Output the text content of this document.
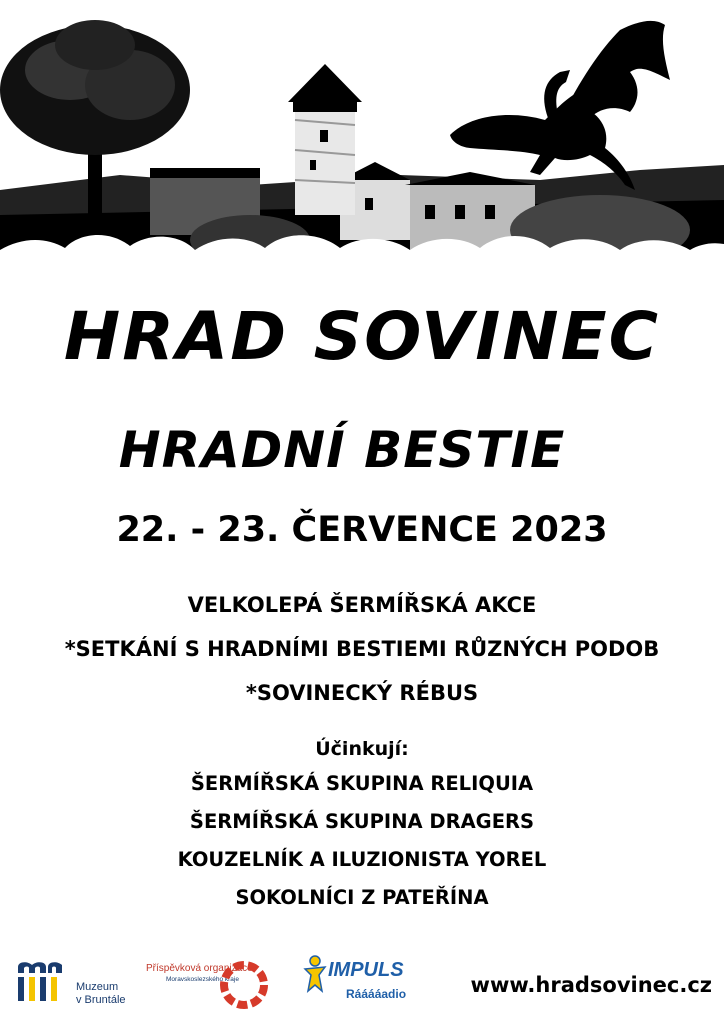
HRAD SOVINEC
HRADNÍ BESTIE
22. - 23. ČERVENCE 2023
VELKOLEPÁ ŠERMÍŘSKÁ AKCE
*SETKÁNÍ S HRADNÍMI BESTIEMI RŮZNÝCH PODOB
*SOVINECKÝ RÉBUS
Účinkují:
ŠERMÍŘSKÁ SKUPINA RELIQUIA
ŠERMÍŘSKÁ SKUPINA DRAGERS
KOUZELNÍK A ILUZIONISTA YOREL
SOKOLNÍCI Z PATEŘÍNA
Muzeum
v Bruntále
Příspěvková organizace
Moravskoslezského kraje	IMPULS
Rááááadio	www.hradsovinec.cz
